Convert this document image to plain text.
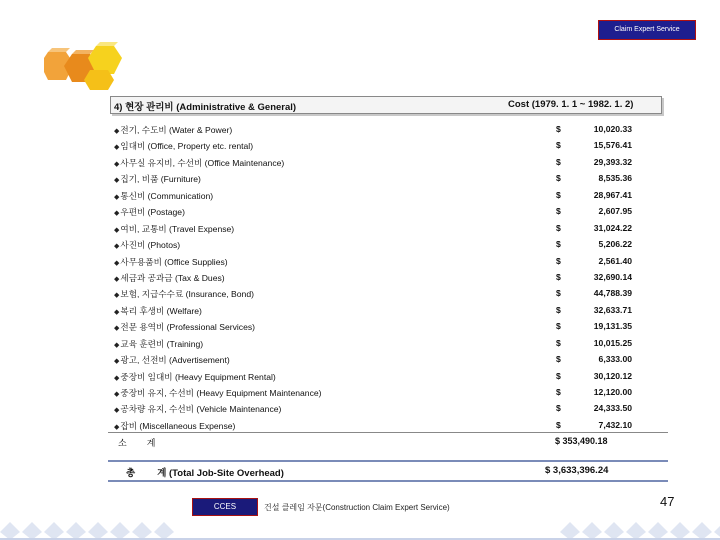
Claim Expert Service
4) 현장 관리비 (Administrative & General)	Cost (1979. 1. 1 ~ 1982. 1. 2)
◆ 전기, 수도비 (Water & Power)	$	10,020.33
◆ 임대비 (Office, Property etc. rental)	$	15,576.41
◆ 사무실 유지비, 수선비 (Office Maintenance)	$	29,393.32
◆ 집기, 비품 (Furniture)	$	8,535.36
◆ 통신비 (Communication)	$	28,967.41
◆ 우편비 (Postage)	$	2,607.95
◆ 여비, 교통비 (Travel Expense)	$	31,024.22
◆ 사진비 (Photos)	$	5,206.22
◆ 사무용품비 (Office Supplies)	$	2,561.40
◆ 세금과 공과금 (Tax & Dues)	$	32,690.14
◆ 보험, 지급수수료 (Insurance, Bond)	$	44,788.39
◆ 복리 후생비 (Welfare)	$	32,633.71
◆ 전문 용역비 (Professional Services)	$	19,131.35
◆ 교육 훈련비 (Training)	$	10,015.25
◆ 광고, 선전비 (Advertisement)	$	6,333.00
◆ 중장비 임대비 (Heavy Equipment Rental)	$	30,120.12
◆ 중장비 유지, 수선비 (Heavy Equipment Maintenance)	$	12,120.00
◆ 공차량 유지, 수선비 (Vehicle Maintenance)	$	24,333.50
◆ 잡비 (Miscellaneous Expense)	$	7,432.10
소 계	$ 353,490.18
총 계 (Total Job-Site Overhead)	$ 3,633,396.24
CCES	건설 클레임 자문(Construction Claim Expert Service)	47
